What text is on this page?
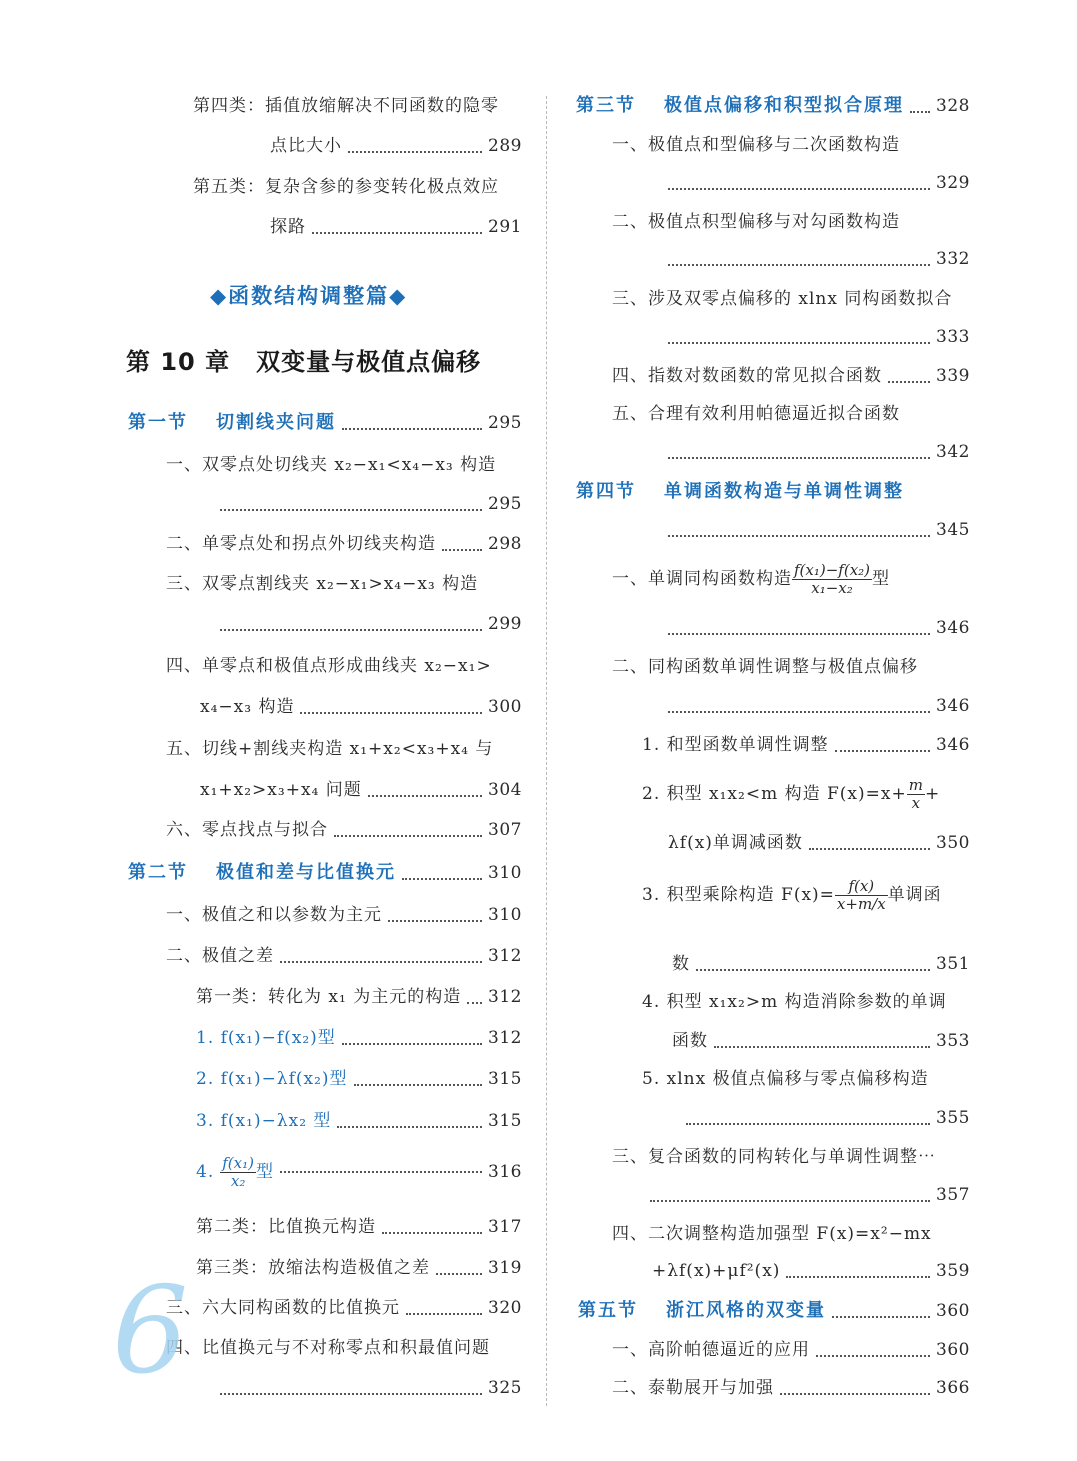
第四类：插值放缩解决不同函数的隐零
点比大小	289
第五类：复杂含参的参变转化极点效应
探路	291
◆函数结构调整篇◆
第 10 章 双变量与极值点偏移
第一节 切割线夹问题	295
一、双零点处切线夹 x₂−x₁<x₄−x₃ 构造
295
二、单零点处和拐点外切线夹构造	298
三、双零点割线夹 x₂−x₁>x₄−x₃ 构造
299
四、单零点和极值点形成曲线夹 x₂−x₁>
x₄−x₃ 构造	300
五、切线+割线夹构造 x₁+x₂<x₃+x₄ 与
x₁+x₂>x₃+x₄ 问题	304
六、零点找点与拟合	307
第二节 极值和差与比值换元	310
一、极值之和以参数为主元	310
二、极值之差	312
第一类：转化为 x₁ 为主元的构造 312
1. f(x₁)−f(x₂)型	312
2. f(x₁)−λf(x₂)型	315
3. f(x₁)−λx₂ 型	315
4. $\frac{\text{f(x₁)}}{\text{x₂}}$ 型	316
第二类：比值换元构造	317
第三类：放缩法构造极值之差	319
三、六大同构函数的比值换元	320
四、比值换元与不对称零点和积最值问题
325
6
第三节 极值点偏移和积型拟合原理 328
一、极值点和型偏移与二次函数构造
329
二、极值点积型偏移与对勾函数构造
332
三、涉及双零点偏移的 xlnx 同构函数拟合
333
四、指数对数函数的常见拟合函数	339
五、合理有效利用帕德逼近拟合函数
342
第四节 单调函数构造与单调性调整
345
一、单调同构函数构造 $\frac{\text{f(x₁)−f(x₂)}}{\text{x₁−x₂}}$ 型
346
二、同构函数单调性调整与极值点偏移
346
1. 和型函数单调性调整	346
2. 积型 x₁x₂<m 构造 $F(x)=x+ \frac{m}{x}$ +
λf(x)单调减函数	350
3. 积型乘除构造 $F(x)= \frac{f(x)}{x+m/x}$ 单调函
数	351
4. 积型 x₁x₂>m 构造消除参数的单调
函数	353
5. xlnx 极值点偏移与零点偏移构造
355
三、复合函数的同构转化与单调性调整⋯
357
四、二次调整构造加强型 F(x)=x²−mx
+λf(x)+μf²(x)	359
第五节 浙江风格的双变量	360
一、高阶帕德逼近的应用	360
二、泰勒展开与加强	366
